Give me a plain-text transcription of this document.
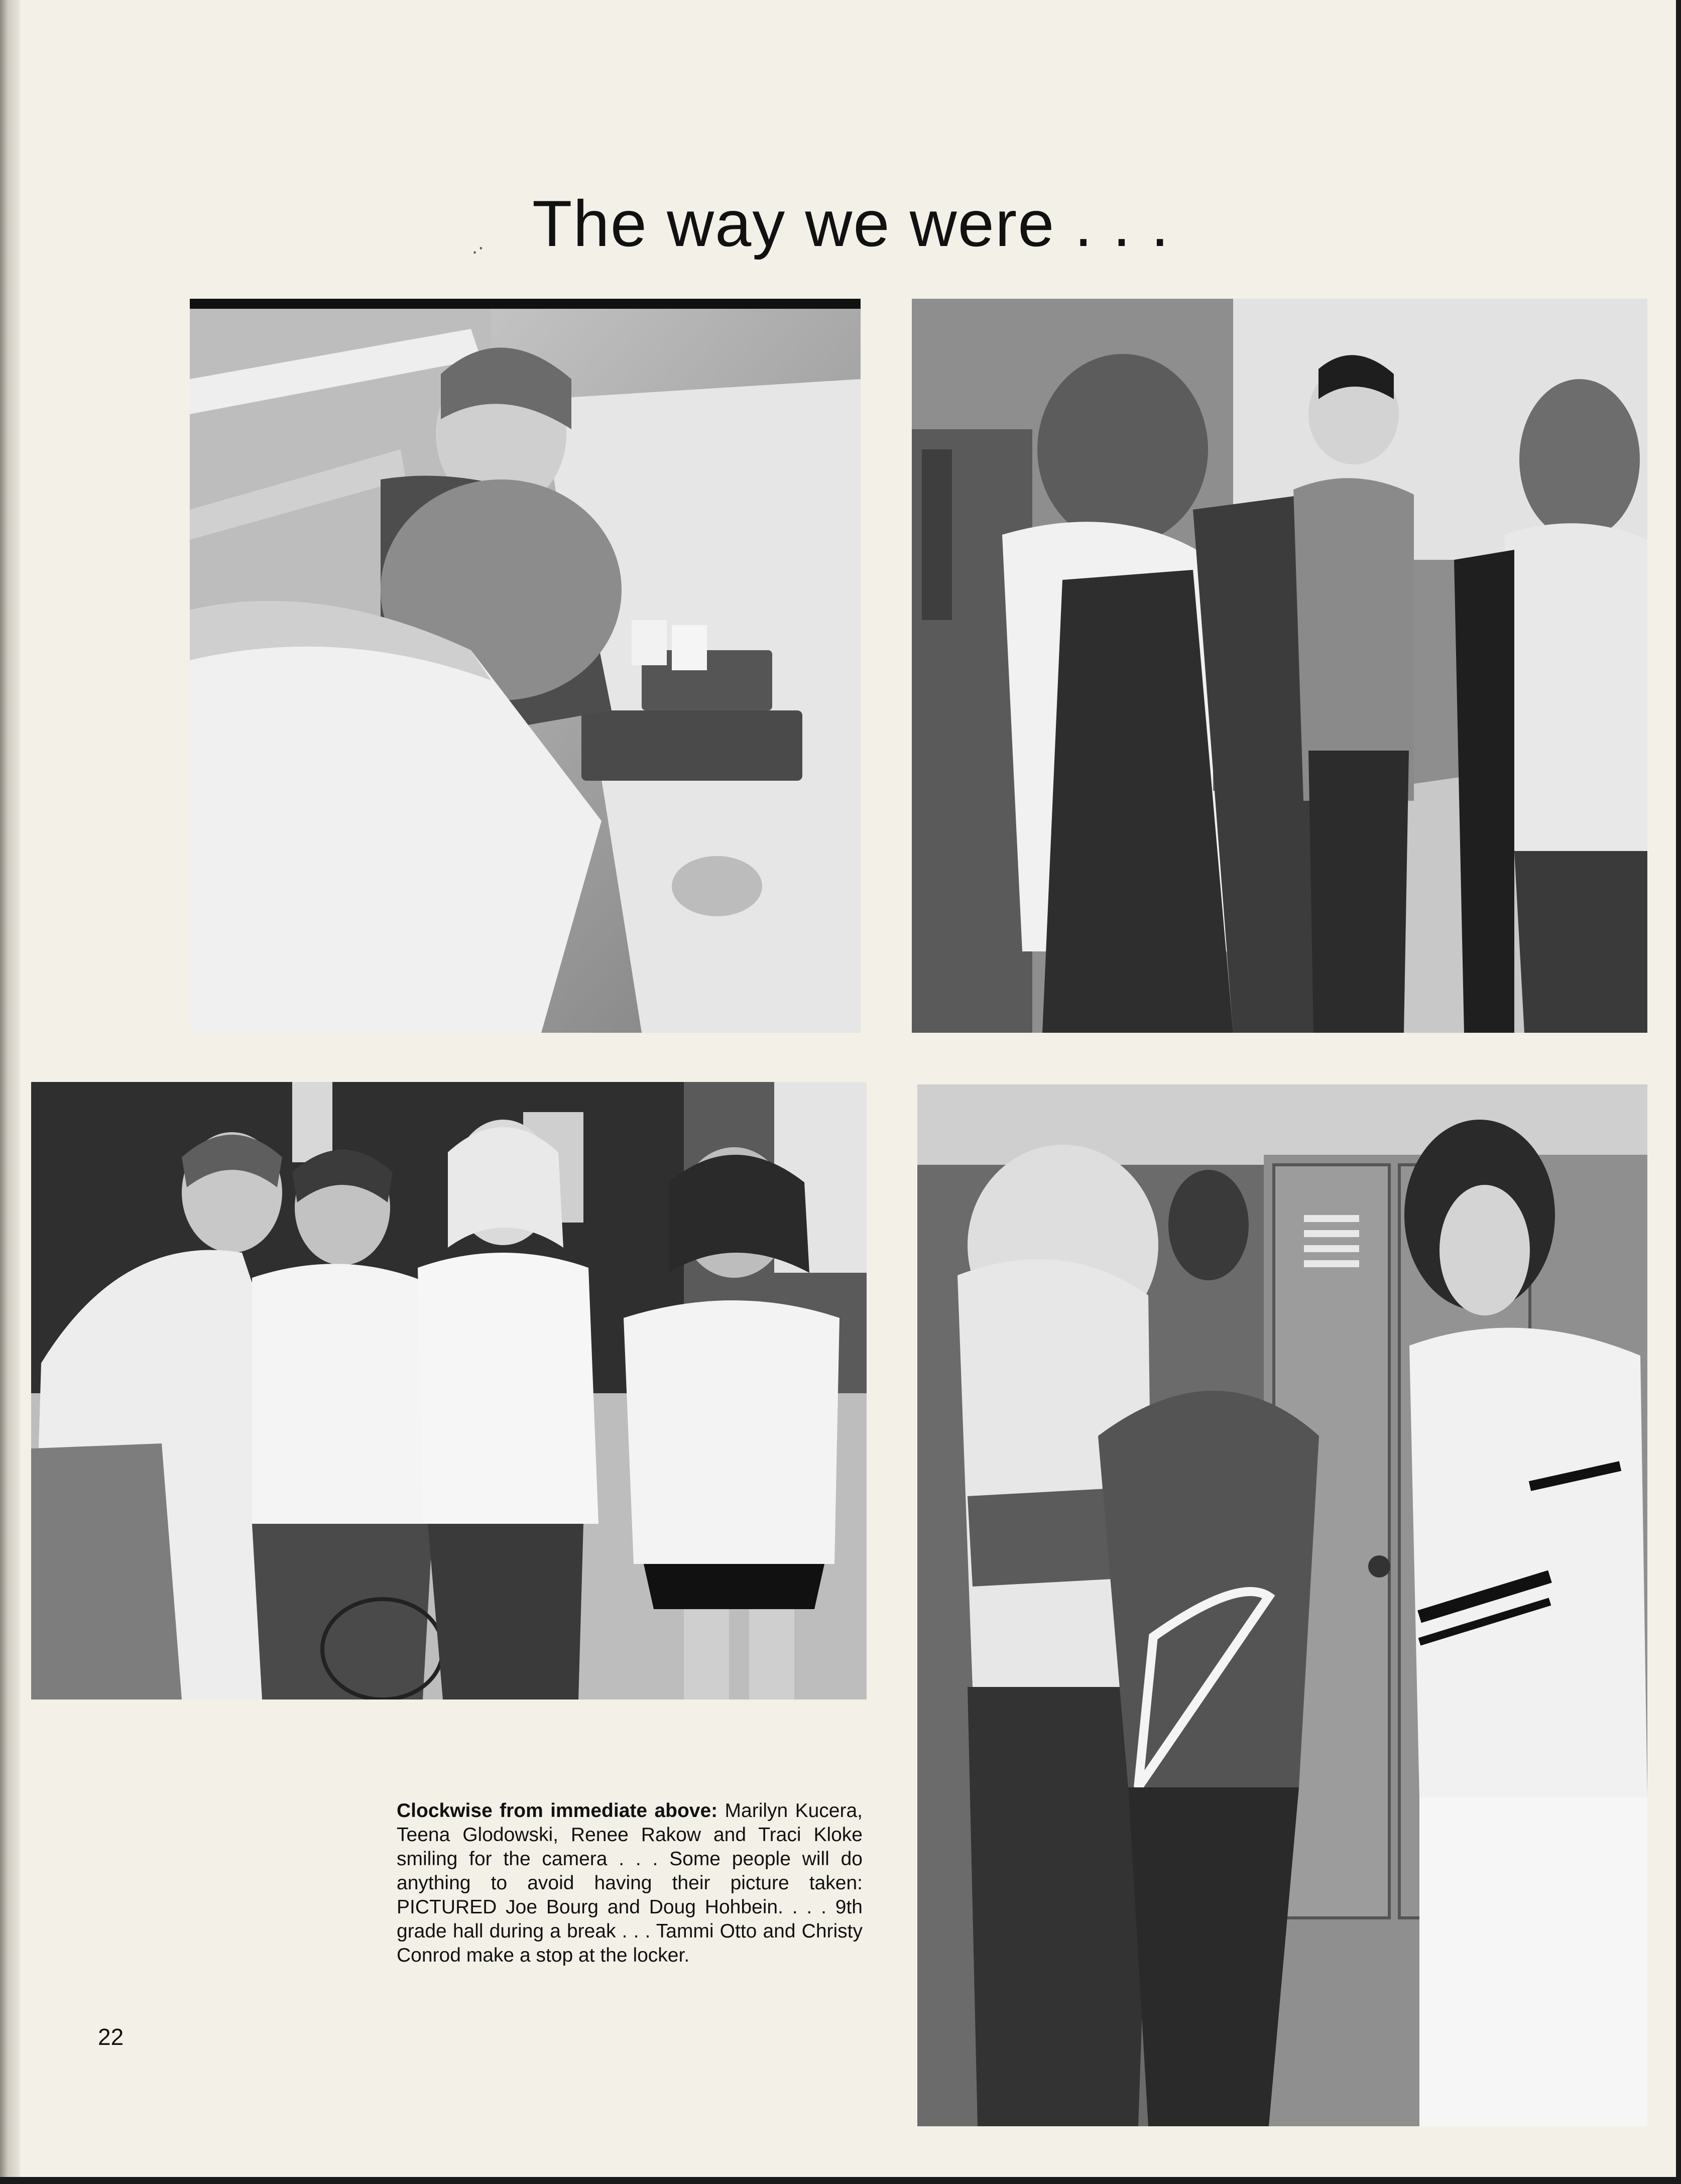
.· The way we were . . .
Clockwise from immediate above: Marilyn Kucera, Teena Glodowski, Renee Rakow and Traci Kloke smiling for the camera . . . Some people will do anything to avoid having their picture taken: PICTURED Joe Bourg and Doug Hohbein. . . . 9th grade hall during a break . . . Tammi Otto and Christy Conrod make a stop at the locker.
22
